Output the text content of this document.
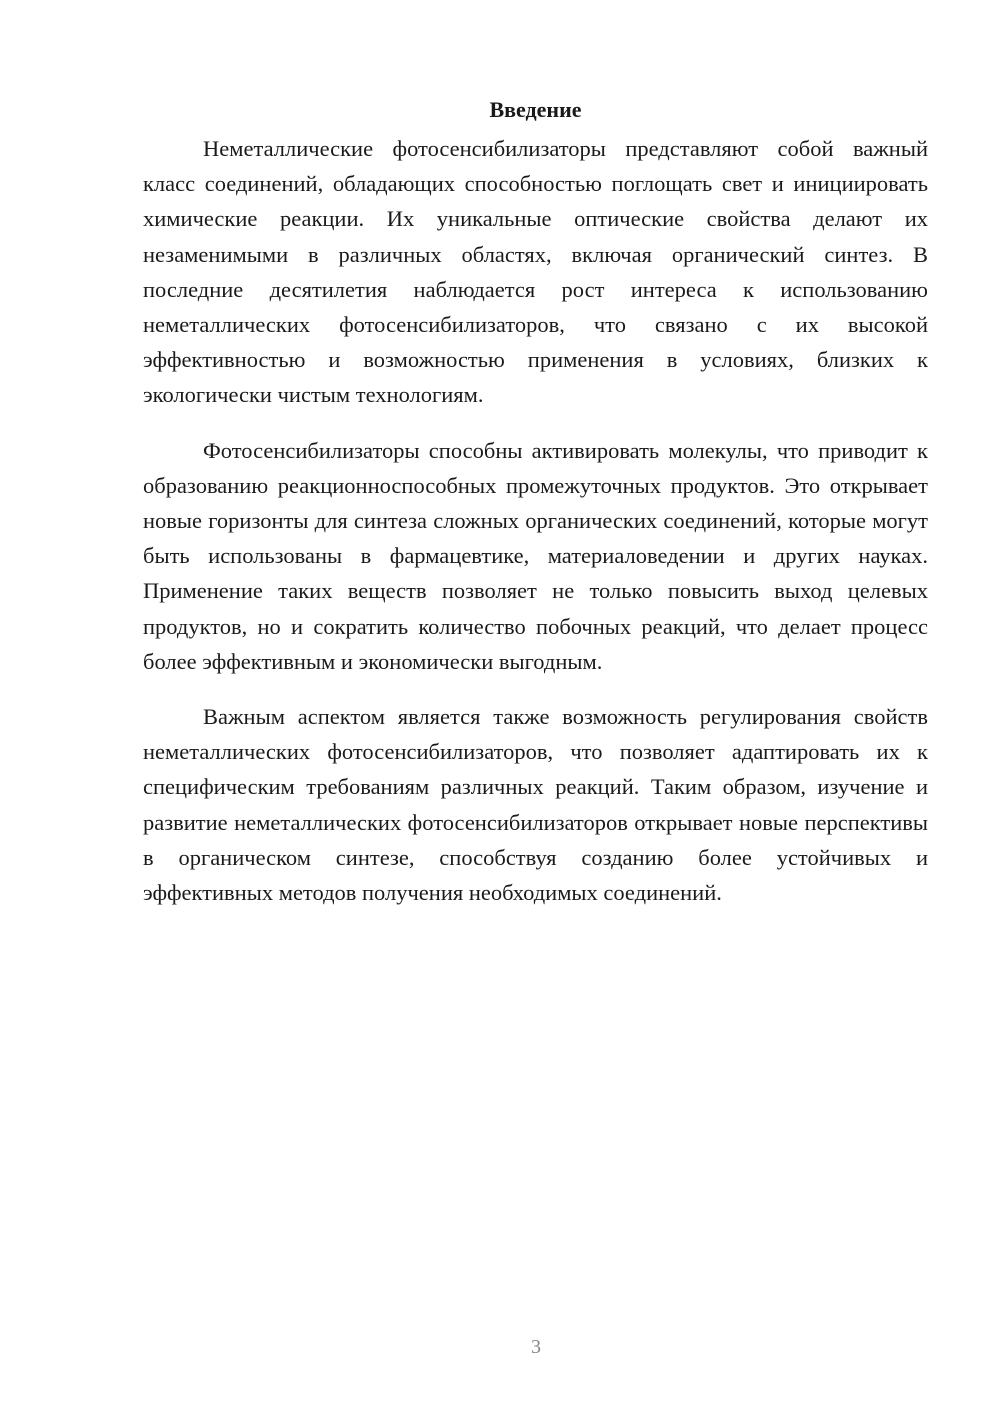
Введение

Неметаллические фотосенсибилизаторы представляют собой важный класс соединений, обладающих способностью поглощать свет и инициировать химические реакции. Их уникальные оптические свойства делают их незаменимыми в различных областях, включая органический синтез. В последние десятилетия наблюдается рост интереса к использованию неметаллических фотосенсибилизаторов, что связано с их высокой эффективностью и возможностью применения в условиях, близких к экологически чистым технологиям.

Фотосенсибилизаторы способны активировать молекулы, что приводит к образованию реакционноспособных промежуточных продуктов. Это открывает новые горизонты для синтеза сложных органических соединений, которые могут быть использованы в фармацевтике, материаловедении и других науках. Применение таких веществ позволяет не только повысить выход целевых продуктов, но и сократить количество побочных реакций, что делает процесс более эффективным и экономически выгодным.

Важным аспектом является также возможность регулирования свойств неметаллических фотосенсибилизаторов, что позволяет адаптировать их к специфическим требованиям различных реакций. Таким образом, изучение и развитие неметаллических фотосенсибилизаторов открывает новые перспективы в органическом синтезе, способствуя созданию более устойчивых и эффективных методов получения необходимых соединений.

3
